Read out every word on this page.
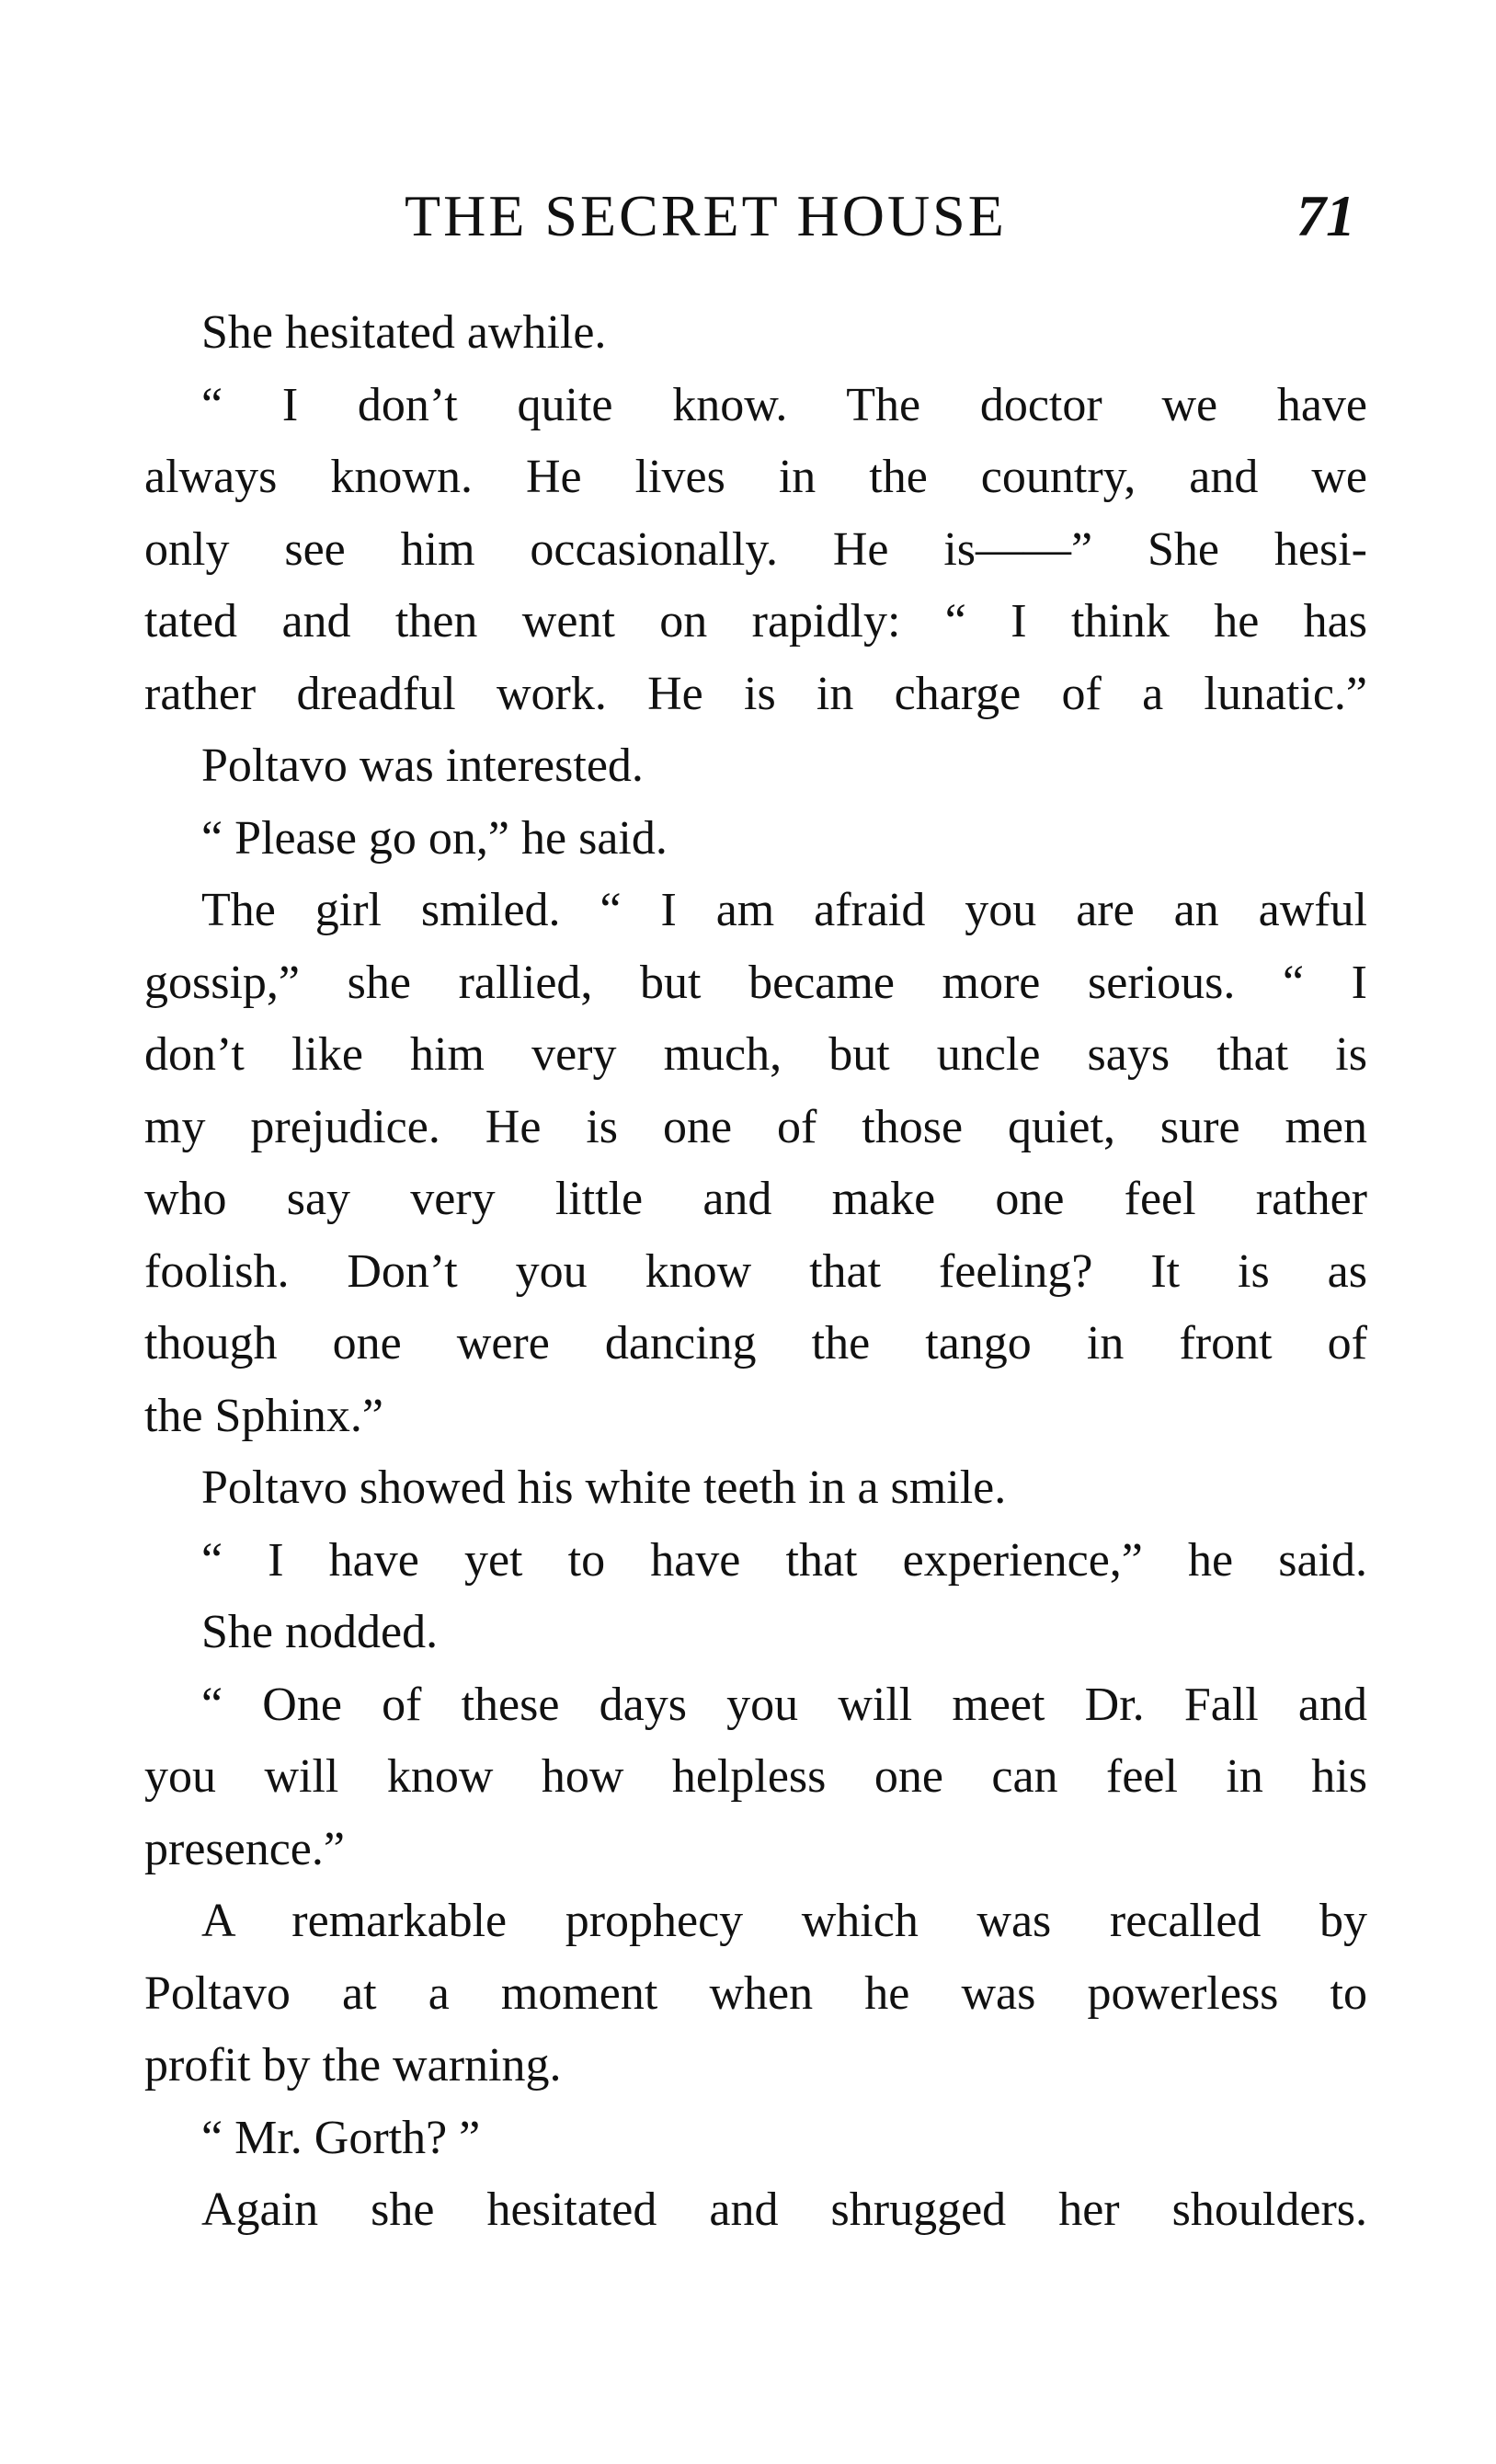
THE SECRET HOUSE	71
She hesitated awhile.
“ I don’t quite know. The doctor we have
always known. He lives in the country, and we
only see him occasionally. He is——” She hesi-
tated and then went on rapidly: “ I think he has
rather dreadful work. He is in charge of a lunatic.”
Poltavo was interested.
“ Please go on,” he said.
The girl smiled. “ I am afraid you are an awful
gossip,” she rallied, but became more serious. “ I
don’t like him very much, but uncle says that is
my prejudice. He is one of those quiet, sure men
who say very little and make one feel rather
foolish. Don’t you know that feeling? It is as
though one were dancing the tango in front of
the Sphinx.”
Poltavo showed his white teeth in a smile.
“ I have yet to have that experience,” he said.
She nodded.
“ One of these days you will meet Dr. Fall and
you will know how helpless one can feel in his
presence.”
A remarkable prophecy which was recalled by
Poltavo at a moment when he was powerless to
profit by the warning.
“ Mr. Gorth? ”
Again she hesitated and shrugged her shoulders.
